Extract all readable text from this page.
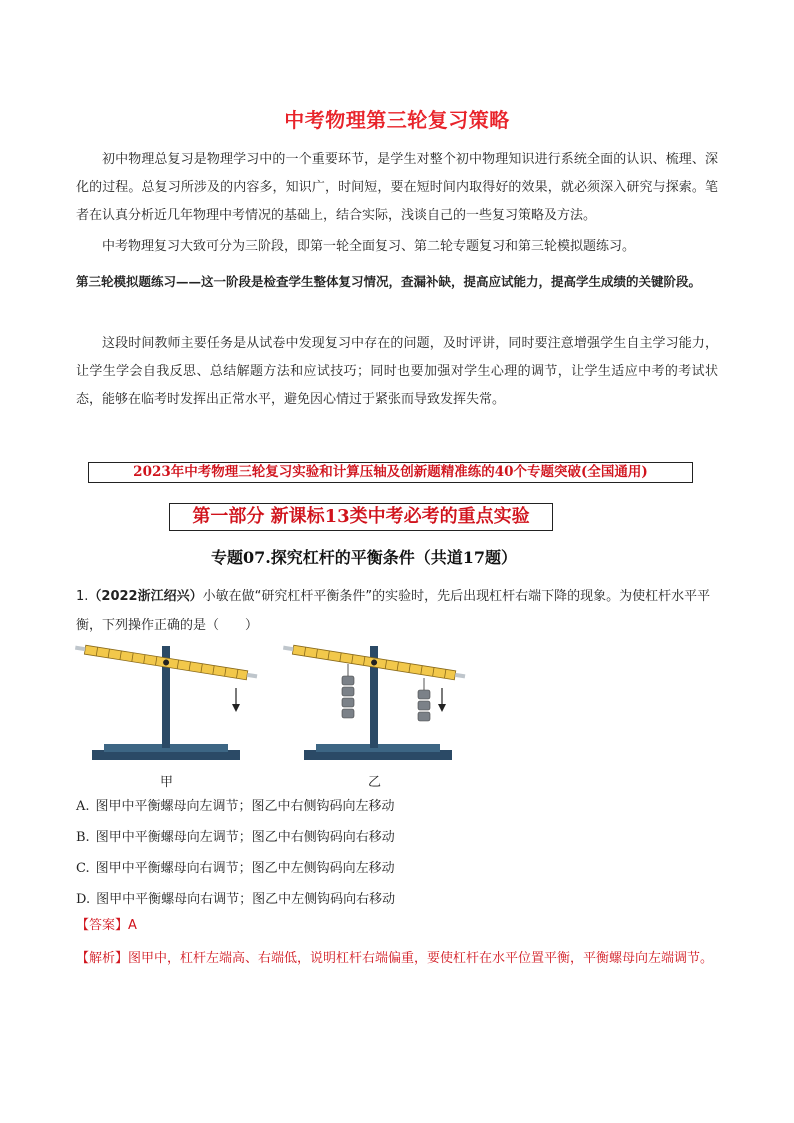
中考物理第三轮复习策略
初中物理总复习是物理学习中的一个重要环节，是学生对整个初中物理知识进行系统全面的认识、梳理、深化的过程。总复习所涉及的内容多，知识广，时间短，要在短时间内取得好的效果，就必须深入研究与探索。笔者在认真分析近几年物理中考情况的基础上，结合实际，浅谈自己的一些复习策略及方法。
中考物理复习大致可分为三阶段，即第一轮全面复习、第二轮专题复习和第三轮模拟题练习。
第三轮模拟题练习——这一阶段是检查学生整体复习情况，查漏补缺，提高应试能力，提高学生成绩的关键阶段。
这段时间教师主要任务是从试卷中发现复习中存在的问题，及时评讲，同时要注意增强学生自主学习能力，让学生学会自我反思、总结解题方法和应试技巧；同时也要加强对学生心理的调节，让学生适应中考的考试状态，能够在临考时发挥出正常水平，避免因心情过于紧张而导致发挥失常。
2023年中考物理三轮复习实验和计算压轴及创新题精准练的40个专题突破(全国通用)
第一部分 新课标13类中考必考的重点实验
专题07.探究杠杆的平衡条件（共道17题）
1.（2022浙江绍兴）小敏在做“研究杠杆平衡条件”的实验时，先后出现杠杆右端下降的现象。为使杠杆水平平衡，下列操作正确的是（　　）
甲	乙
A. 图甲中平衡螺母向左调节；图乙中右侧钩码向左移动
B. 图甲中平衡螺母向左调节；图乙中右侧钩码向右移动
C. 图甲中平衡螺母向右调节；图乙中左侧钩码向左移动
D. 图甲中平衡螺母向右调节；图乙中左侧钩码向右移动
【答案】A
【解析】图甲中，杠杆左端高、右端低，说明杠杆右端偏重，要使杠杆在水平位置平衡，平衡螺母向左端调节。
